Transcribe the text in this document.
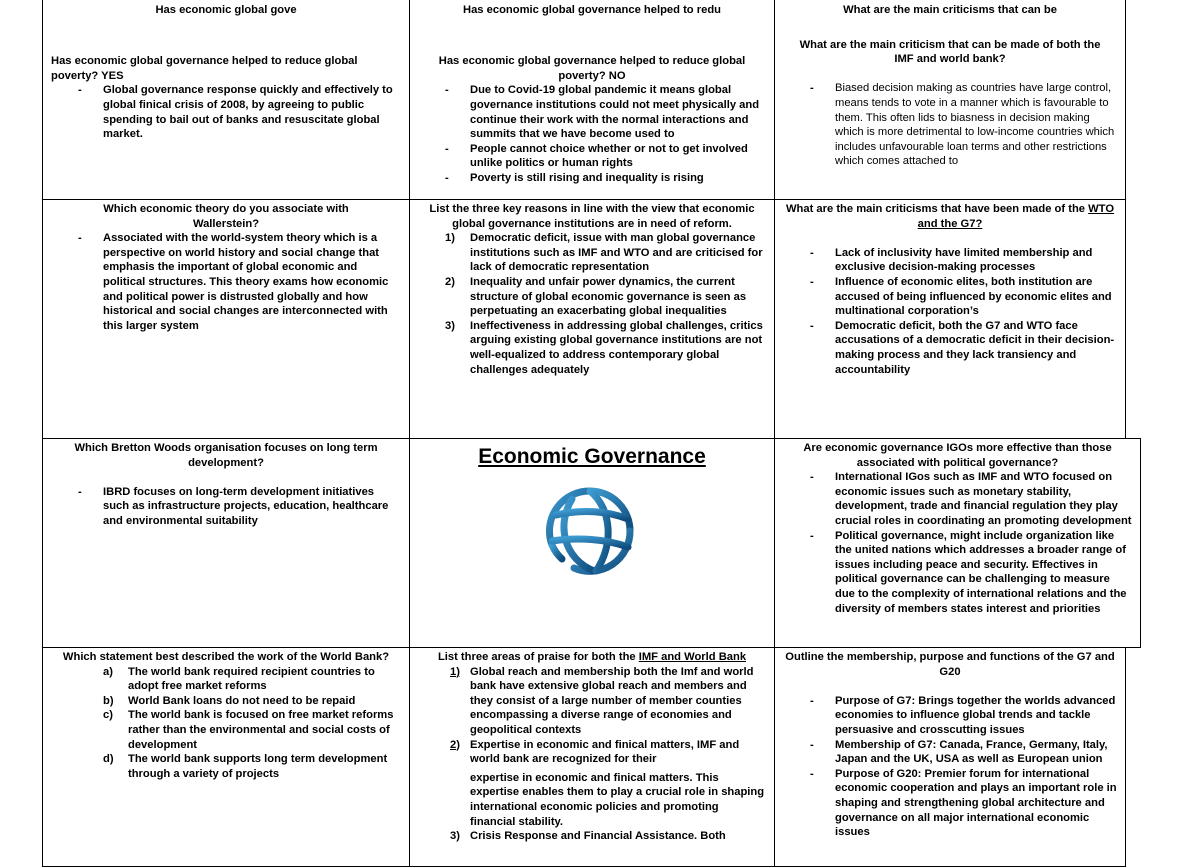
Has economic global gove
Has economic global governance helped to reduce global poverty? YES
- Global governance response quickly and effectively to global finical crisis of 2008, by agreeing to public spending to bail out of banks and resuscitate global market.
Has economic global governance helped to redu
Has economic global governance helped to reduce global poverty? NO
- Due to Covid-19 global pandemic it means global governance institutions could not meet physically and continue their work with the normal interactions and summits that we have become used to
- People cannot choice whether or not to get involved unlike politics or human rights
- Poverty is still rising and inequality is rising
What are the main criticisms that can be
What are the main criticism that can be made of both the IMF and world bank?
- Biased decision making as countries have large control, means tends to vote in a manner which is favourable to them. This often lids to biasness in decision making which is more detrimental to low-income countries which includes unfavourable loan terms and other restrictions which comes attached to
Which economic theory do you associate with Wallerstein?
- Associated with the world-system theory which is a perspective on world history and social change that emphasis the important of global economic and political structures. This theory exams how economic and political power is distrusted globally and how historical and social changes are interconnected with this larger system
List the three key reasons in line with the view that economic global governance institutions are in need of reform.
1) Democratic deficit, issue with man global governance institutions such as IMF and WTO and are criticised for lack of democratic representation
2) Inequality and unfair power dynamics, the current structure of global economic governance is seen as perpetuating an exacerbating global inequalities
3) Ineffectiveness in addressing global challenges, critics arguing existing global governance institutions are not well-equalized to address contemporary global challenges adequately
What are the main criticisms that have been made of the WTO and the G7?
- Lack of inclusivity have limited membership and exclusive decision-making processes
- Influence of economic elites, both institution are accused of being influenced by economic elites and multinational corporation’s
- Democratic deficit, both the G7 and WTO face accusations of a democratic deficit in their decision-making process and they lack transiency and accountability
Which Bretton Woods organisation focuses on long term development?
- IBRD focuses on long-term development initiatives such as infrastructure projects, education, healthcare and environmental suitability
Economic Governance	Are economic governance IGOs more effective than those associated with political governance?
- International IGos such as IMF and WTO focused on economic issues such as monetary stability, development, trade and financial regulation they play crucial roles in coordinating an promoting development
- Political governance, might include organization like the united nations which addresses a broader range of issues including peace and security. Effectives in political governance can be challenging to measure due to the complexity of international relations and the diversity of members states interest and priorities
Which statement best described the work of the World Bank?
a) The world bank required recipient countries to adopt free market reforms
b) World Bank loans do not need to be repaid
c) The world bank is focused on free market reforms rather than the environmental and social costs of development
d) The world bank supports long term development through a variety of projects
List three areas of praise for both the IMF and World Bank
1) Global reach and membership both the Imf and world bank have extensive global reach and members and they consist of a large number of member counties encompassing a diverse range of economies and geopolitical contexts
2) Expertise in economic and finical matters, IMF and world bank are recognized for their
expertise in economic and finical matters. This expertise enables them to play a crucial role in shaping international economic policies and promoting financial stability.
3) Crisis Response and Financial Assistance. Both
Outline the membership, purpose and functions of the G7 and G20
- Purpose of G7: Brings together the worlds advanced economies to influence global trends and tackle persuasive and crosscutting issues
- Membership of G7: Canada, France, Germany, Italy, Japan and the UK, USA as well as European union
- Purpose of G20: Premier forum for international economic cooperation and plays an important role in shaping and strengthening global architecture and governance on all major international economic issues
